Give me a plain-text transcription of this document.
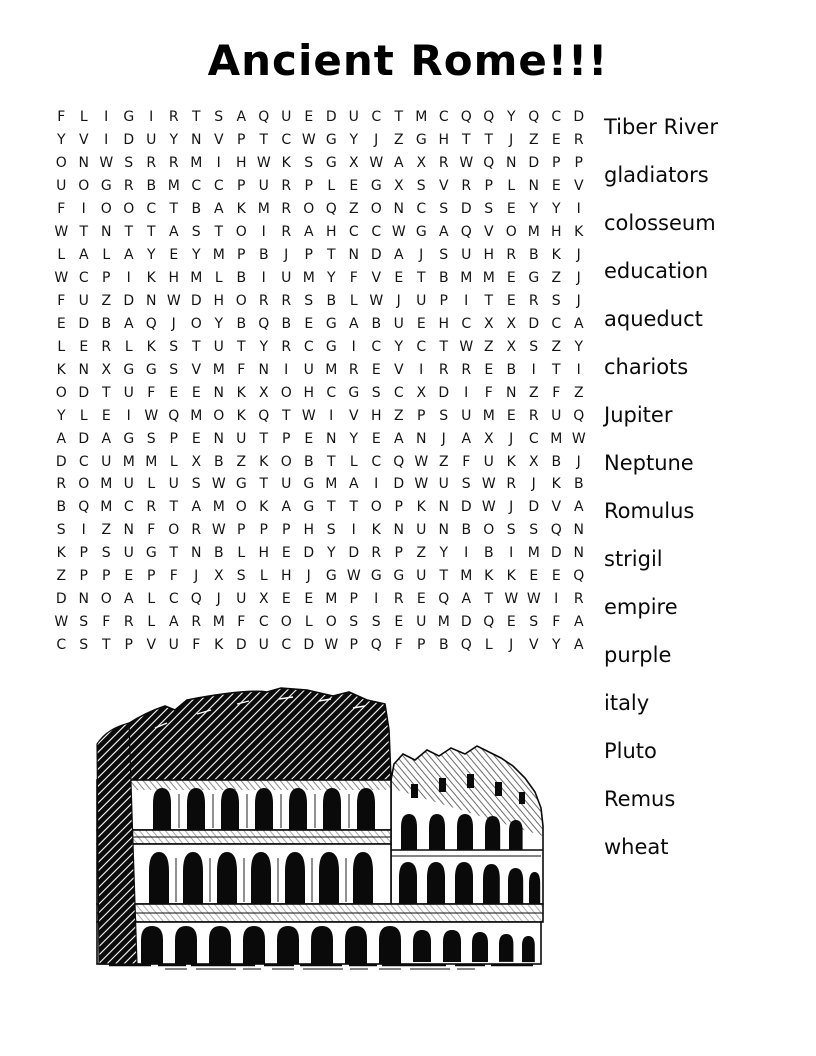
Ancient Rome!!!
F	L	I	G	I	R T S A Q U E D U C T M C Q Q Y Q C D
Y V	I	D U Y N V P	T C W G Y	J	Z G H T T	J	Z E R
O N W S R R M	I	H W K S G X W A X R W Q N D P	P
U O G R B M C C P U R P	L	E G X S V R P	L N E V
F	I	O O C T B A K M R O Q Z O N C S D S E Y Y	I
W T N T T A S T O	I	R A H C C W G A Q V O M H K
L A L A Y E Y M P B	J	P	T N D A	J	S U H R B K	J
W C P	I	K H M L B	I	U M Y	F V E T B M M E G Z	J
F U Z D N W D H O R R S B L W J	U P	I	T E R S	J
E D B A Q	J	O Y B Q B E G A B U E H C X X D C A
L	E R L	K S T U T Y R C G	I	C Y C T W Z X S Z Y
K N X G G S V M F N	I	U M R E V	I	R R E B	I	T	I
O D T U F	E E N K X O H C G S C X D	I	F N Z F Z
Y	L	E	I W Q M O K Q T W I	V H Z P S U M E R U Q
A D A G S P E N U T P E N Y E A N	J	A X	J	C M W
D C U M M L X B Z K O B T	L C Q W Z F U K X B	J
R O M U L U S W G T U G M A	I	D W U S W R	J	K B
B Q M C R T A M O K A G T T O P K N D W J	D V A
S	I	Z N F O R W P	P	P H S	I	K N U N B O S S Q N
K P S U G T N B L H E D Y D R P Z Y	I	B	I	M D N
Z P	P E P	F	J	X S	L H	J	G W G G U T M K K E E Q
D N O A L C Q	J	U X E E M P	I	R E Q A T W W I	R
W S	F R L A R M F C O L O S S E U M D Q E S	F A
C S T P V U F K D U C D W P Q F	P B Q L	J	V Y A
Tiber River
gladiators
colosseum
education
aqueduct
chariots
Jupiter
Neptune
Romulus
strigil
empire
purple
italy
Pluto
Remus
wheat
